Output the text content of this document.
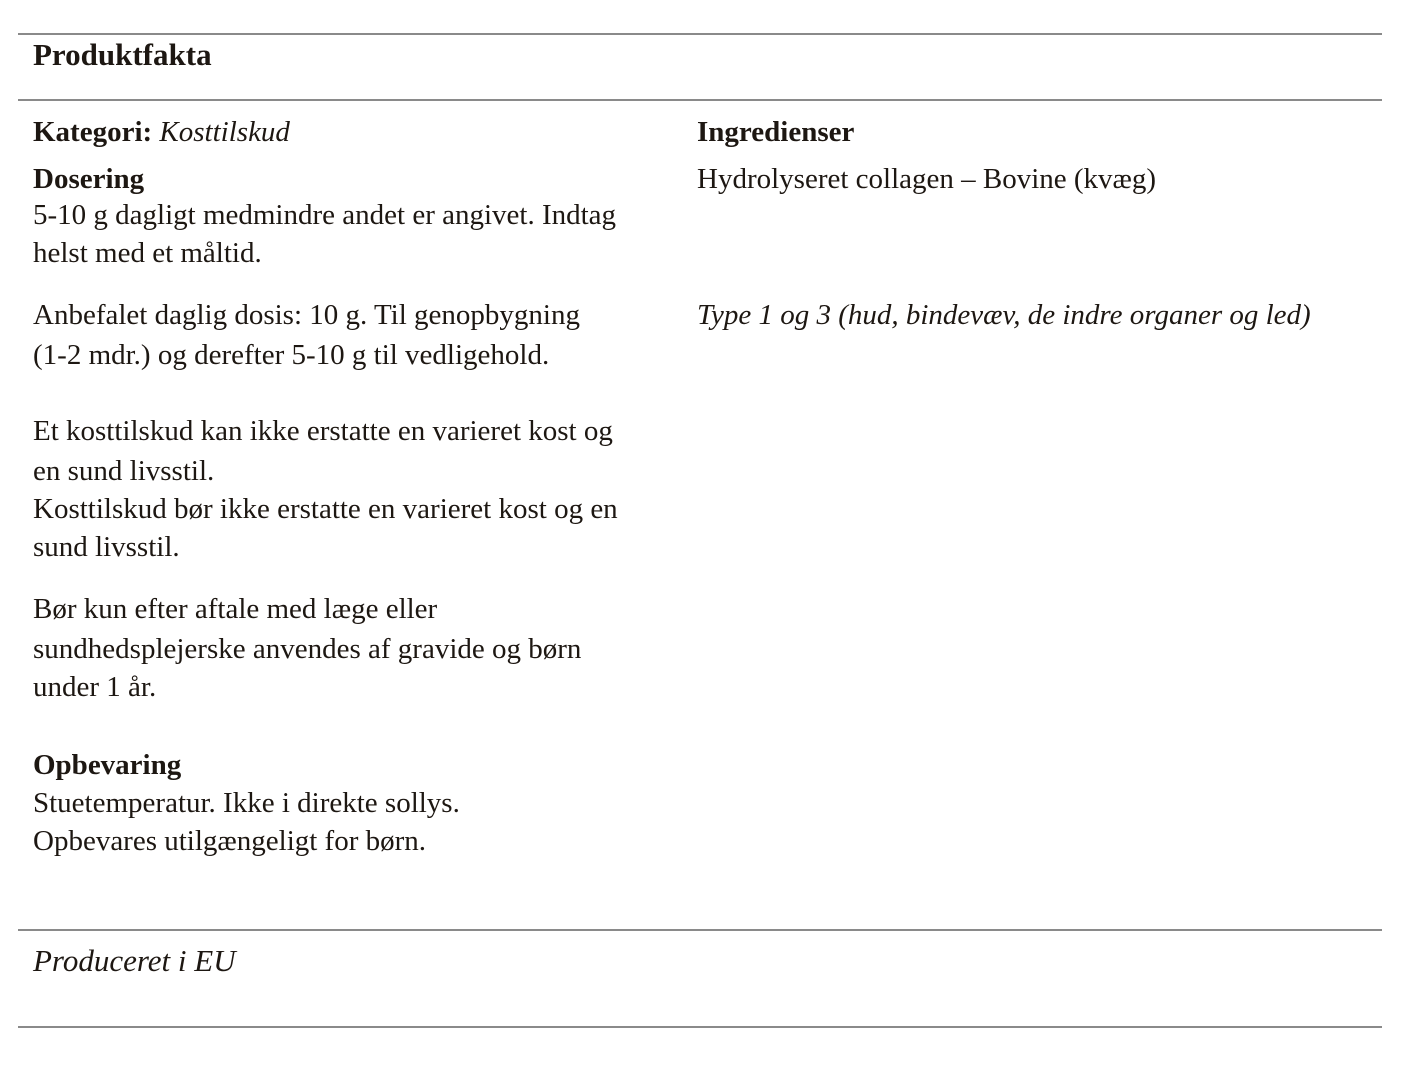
Produktfakta

Kategori: Kosttilskud

Dosering

5-10 g dagligt medmindre andet er angivet. Indtag

helst med et måltid.

Anbefalet daglig dosis: 10 g. Til genopbygning

(1-2 mdr.) og derefter 5-10 g til vedligehold.

Et kosttilskud kan ikke erstatte en varieret kost og

en sund livsstil.

Kosttilskud bør ikke erstatte en varieret kost og en

sund livsstil.

Bør kun efter aftale med læge eller

sundhedsplejerske anvendes af gravide og børn

under 1 år.

Opbevaring

Stuetemperatur. Ikke i direkte sollys.

Opbevares utilgængeligt for børn.

Ingredienser

Hydrolyseret collagen – Bovine (kvæg)

Type 1 og 3 (hud, bindevæv, de indre organer og led)

Produceret i EU
